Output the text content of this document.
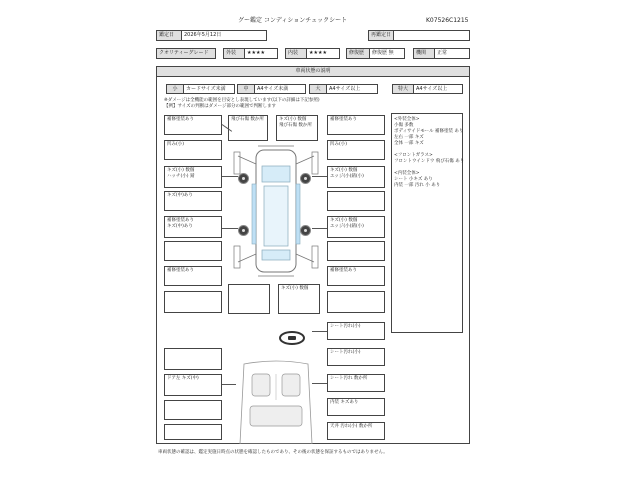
グー鑑定 コンディションチェックシート	K07526C1215
鑑定日	2026年5月12日	再鑑定日
クオリティーグレード	外装	★★★★	内装	★★★★	修復歴	修復歴 無	機関	正常
車両状態の説明
小	カードサイズ未満	中	A4サイズ未満	大	A4サイズ以上	特大	A4サイズ以上
※ダメージは全機能の範囲を目安とし表現しています(以下の詳細は下記参照)
【例】サイズの判断はダメージ部分の範囲で判断します
<外装全体>
小傷 多数
ボディサイドモール 補修塗装 あり
左右 一部 キズ
全体 一部 キズ
<フロントガラス>
フロントウインドウ 飛び石傷 あり
<内装全体>
シート 小キズ あり
内装 一部 汚れ 小 あり
補修塗装あり
凹み(小)
キズ(小) 数個
ハッチ(小) 錆
キズ(中)あり
補修塗装あり
キズ(中)あり
補修塗装あり
飛び石傷 数か所	キズ(小) 数個
飛び石傷 数か所
補修塗装あり
凹み(小)
キズ(小) 数個
エッジ(小)錆(小)
キズ(小) 数個
エッジ(小)錆(小)
補修塗装あり
キズ(小) 数個
ドア左 キズ(中)
シート汚れ(小)
シート汚れ(小)
シート汚れ 数か所
内装 キズあり
天井 汚れ(小) 数か所
車両状態の確認は、鑑定実施日時点の状態を確認したものであり、その後の状態を保証するものではありません。
